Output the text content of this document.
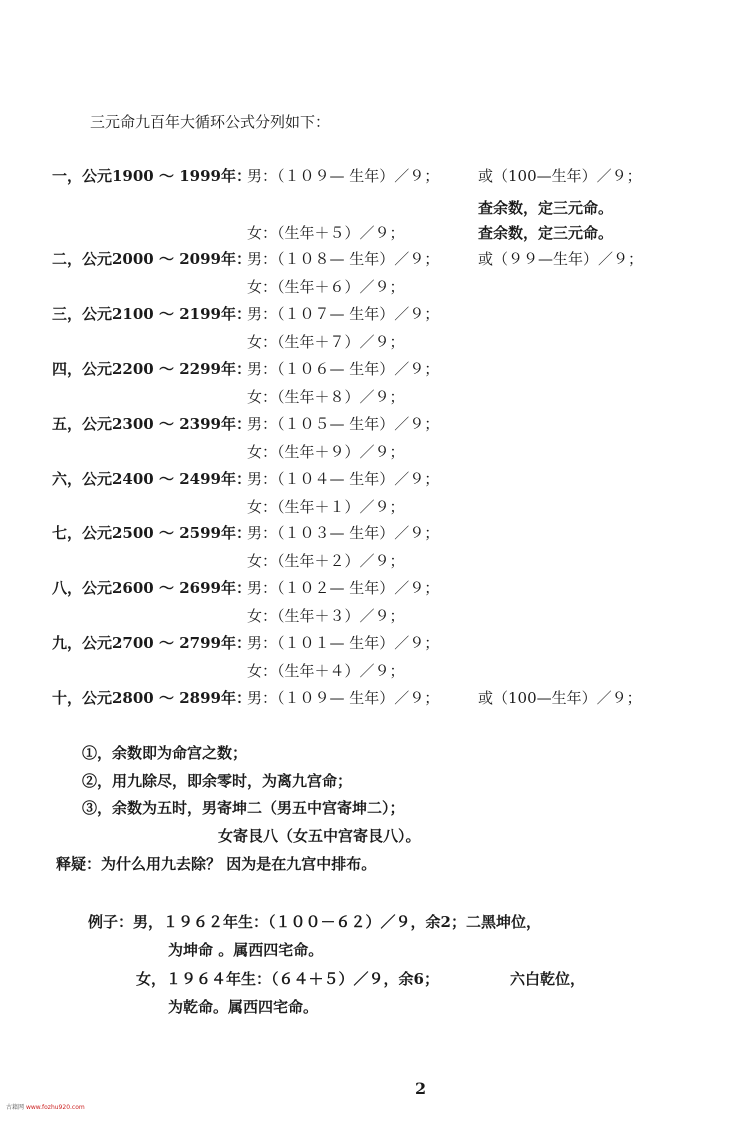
三元命九百年大循环公式分列如下：
一，公元1900 ～ 1999年：
男：（１０９— 生年）／９；	或（100—生年）／９；
查余数，定三元命。
女：（生年＋５）／９；	查余数，定三元命。
二，公元2000 ～ 2099年：
男：（１０８— 生年）／９；	或（９９—生年）／９；
女：（生年＋６）／９；
三，公元2100 ～ 2199年：
男：（１０７— 生年）／９；
女：（生年＋７）／９；
四，公元2200 ～ 2299年：
男：（１０６— 生年）／９；
女：（生年＋８）／９；
五，公元2300 ～ 2399年：
男：（１０５— 生年）／９；
女：（生年＋９）／９；
六，公元2400 ～ 2499年：
男：（１０４— 生年）／９；
女：（生年＋１）／９；
七，公元2500 ～ 2599年：
男：（１０３— 生年）／９；
女：（生年＋２）／９；
八，公元2600 ～ 2699年：
男：（１０２— 生年）／９；
女：（生年＋３）／９；
九，公元2700 ～ 2799年：
男：（１０１— 生年）／９；
女：（生年＋４）／９；
十，公元2800 ～ 2899年：
男：（１０９— 生年）／９；	或（100—生年）／９；
①，余数即为命宫之数；
②，用九除尽，即余零时，为离九宫命；
③，余数为五时，男寄坤二（男五中宫寄坤二）；
女寄艮八（女五中宫寄艮八）。
释疑：为什么用九去除？ 因为是在九宫中排布。
例子：男，１９６２年生：（１００－６２）／９，余2；二黑坤位，
为坤命 。属西四宅命。
女，１９６４年生：（６４＋５）／９，余6；	六白乾位，
为乾命。属西四宅命。
2
古籍网 www.fozhu920.com
